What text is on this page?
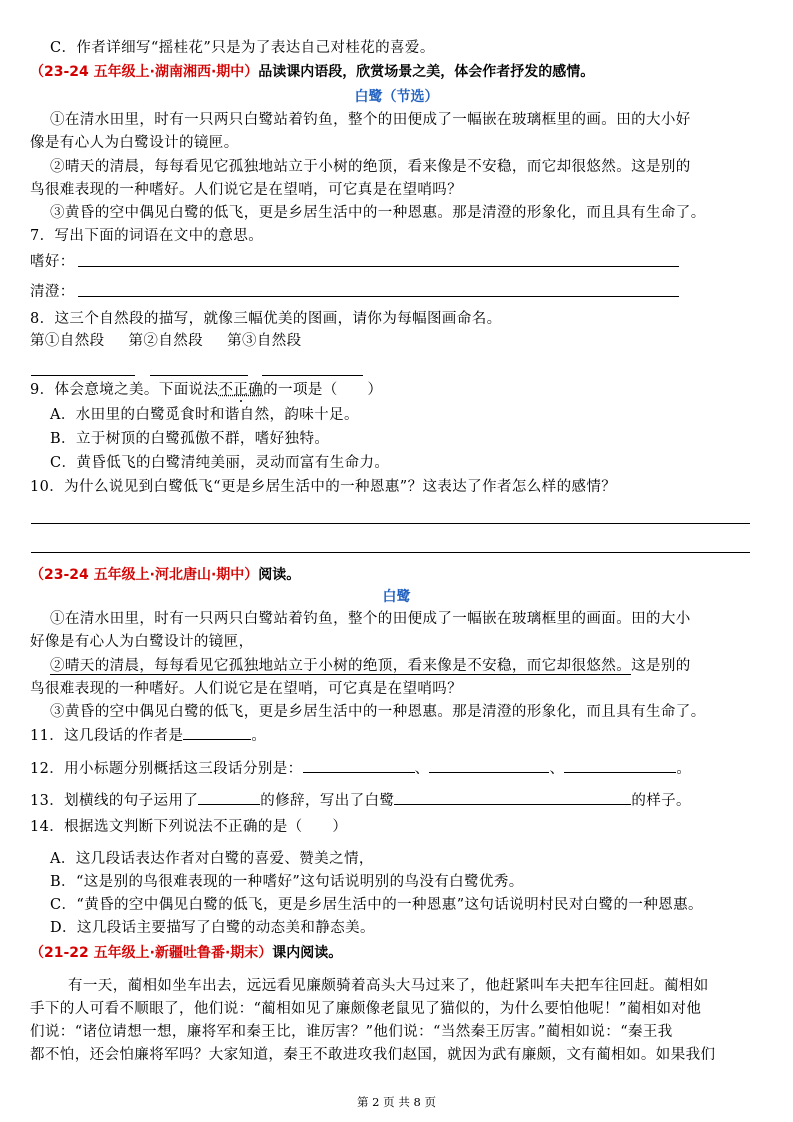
C．作者详细写“摇桂花”只是为了表达自己对桂花的喜爱。
（23-24 五年级上·湖南湘西·期中）品读课内语段，欣赏场景之美，体会作者抒发的感情。
白鹭（节选）
①在清水田里，时有一只两只白鹭站着钓鱼，整个的田便成了一幅嵌在玻璃框里的画。田的大小好
像是有心人为白鹭设计的镜匣。
②晴天的清晨，每每看见它孤独地站立于小树的绝顶，看来像是不安稳，而它却很悠然。这是别的
鸟很难表现的一种嗜好。人们说它是在望哨，可它真是在望哨吗？
③黄昏的空中偶见白鹭的低飞，更是乡居生活中的一种恩惠。那是清澄的形象化，而且具有生命了。
7．写出下面的词语在文中的意思。
嗜好：
清澄：
8．这三个自然段的描写，就像三幅优美的图画，请你为每幅图画命名。
第①自然段 第②自然段 第③自然段
9．体会意境之美。下面说法不正确的一项是（　　）
A．水田里的白鹭觅食时和谐自然，韵味十足。
B．立于树顶的白鹭孤傲不群，嗜好独特。
C．黄昏低飞的白鹭清纯美丽，灵动而富有生命力。
10．为什么说见到白鹭低飞“更是乡居生活中的一种恩惠”？这表达了作者怎么样的感情？
（23-24 五年级上·河北唐山·期中）阅读。
白鹭
①在清水田里，时有一只两只白鹭站着钓鱼，整个的田便成了一幅嵌在玻璃框里的画面。田的大小
好像是有心人为白鹭设计的镜匣，
②晴天的清晨，每每看见它孤独地站立于小树的绝顶，看来像是不安稳，而它却很悠然。这是别的
鸟很难表现的一种嗜好。人们说它是在望哨，可它真是在望哨吗？
③黄昏的空中偶见白鹭的低飞，更是乡居生活中的一种恩惠。那是清澄的形象化，而且具有生命了。
11．这几段话的作者是	。
12．用小标题分别概括这三段话分别是：	、	、	。
13．划横线的句子运用了	的修辞，写出了白鹭	的样子。
14．根据选文判断下列说法不正确的是（　　）
A．这几段话表达作者对白鹭的喜爱、赞美之情，
B．“这是别的鸟很难表现的一种嗜好”这句话说明别的鸟没有白鹭优秀。
C．“黄昏的空中偶见白鹭的低飞，更是乡居生活中的一种恩惠”这句话说明村民对白鹭的一种恩惠。
D．这几段话主要描写了白鹭的动态美和静态美。
（21-22 五年级上·新疆吐鲁番·期末）课内阅读。
有一天，蔺相如坐车出去，远远看见廉颇骑着高头大马过来了，他赶紧叫车夫把车往回赶。蔺相如
手下的人可看不顺眼了，他们说：“蔺相如见了廉颇像老鼠见了猫似的，为什么要怕他呢！”蔺相如对他
们说：“诸位请想一想，廉将军和秦王比，谁厉害？”他们说：“当然秦王厉害。”蔺相如说：“秦王我
都不怕，还会怕廉将军吗？大家知道，秦王不敢进攻我们赵国，就因为武有廉颇，文有蔺相如。如果我们
第 2 页 共 8 页
